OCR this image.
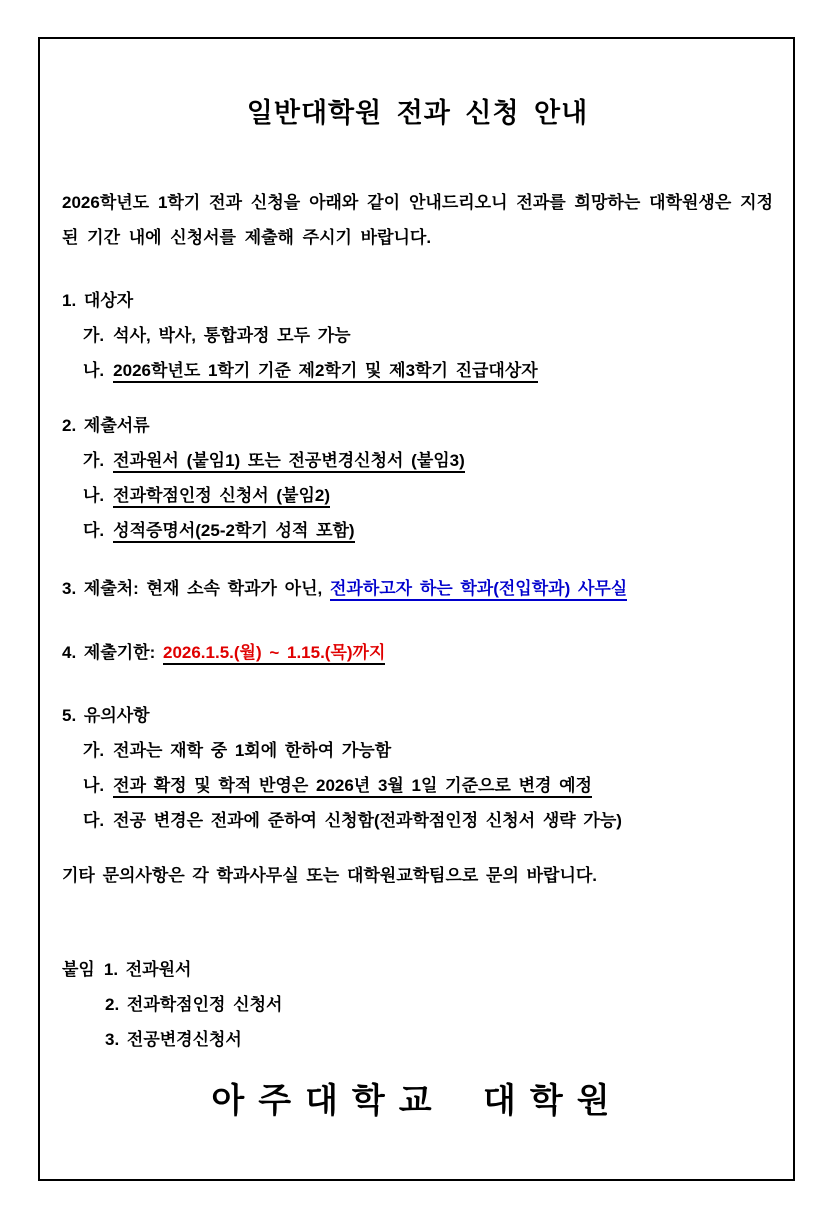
일반대학원 전과 신청 안내

2026학년도 1학기 전과 신청을 아래와 같이 안내드리오니 전과를 희망하는 대학원생은 지정된 기간 내에 신청서를 제출해 주시기 바랍니다.

1. 대상자
가. 석사, 박사, 통합과정 모두 가능
나. 2026학년도 1학기 기준 제2학기 및 제3학기 진급대상자
2. 제출서류
가. 전과원서 (붙임1) 또는 전공변경신청서 (붙임3)
나. 전과학점인정 신청서 (붙임2)
다. 성적증명서(25-2학기 성적 포함)
3. 제출처: 현재 소속 학과가 아닌, 전과하고자 하는 학과(전입학과) 사무실
4. 제출기한: 2026.1.5.(월) ~ 1.15.(목)까지
5. 유의사항
가. 전과는 재학 중 1회에 한하여 가능함
나. 전과 확정 및 학적 반영은 2026년 3월 1일 기준으로 변경 예정
다. 전공 변경은 전과에 준하여 신청함(전과학점인정 신청서 생략 가능)
기타 문의사항은 각 학과사무실 또는 대학원교학팀으로 문의 바랍니다.
붙임 1. 전과원서
2. 전과학점인정 신청서
3. 전공변경신청서
아주대학교 대학원
